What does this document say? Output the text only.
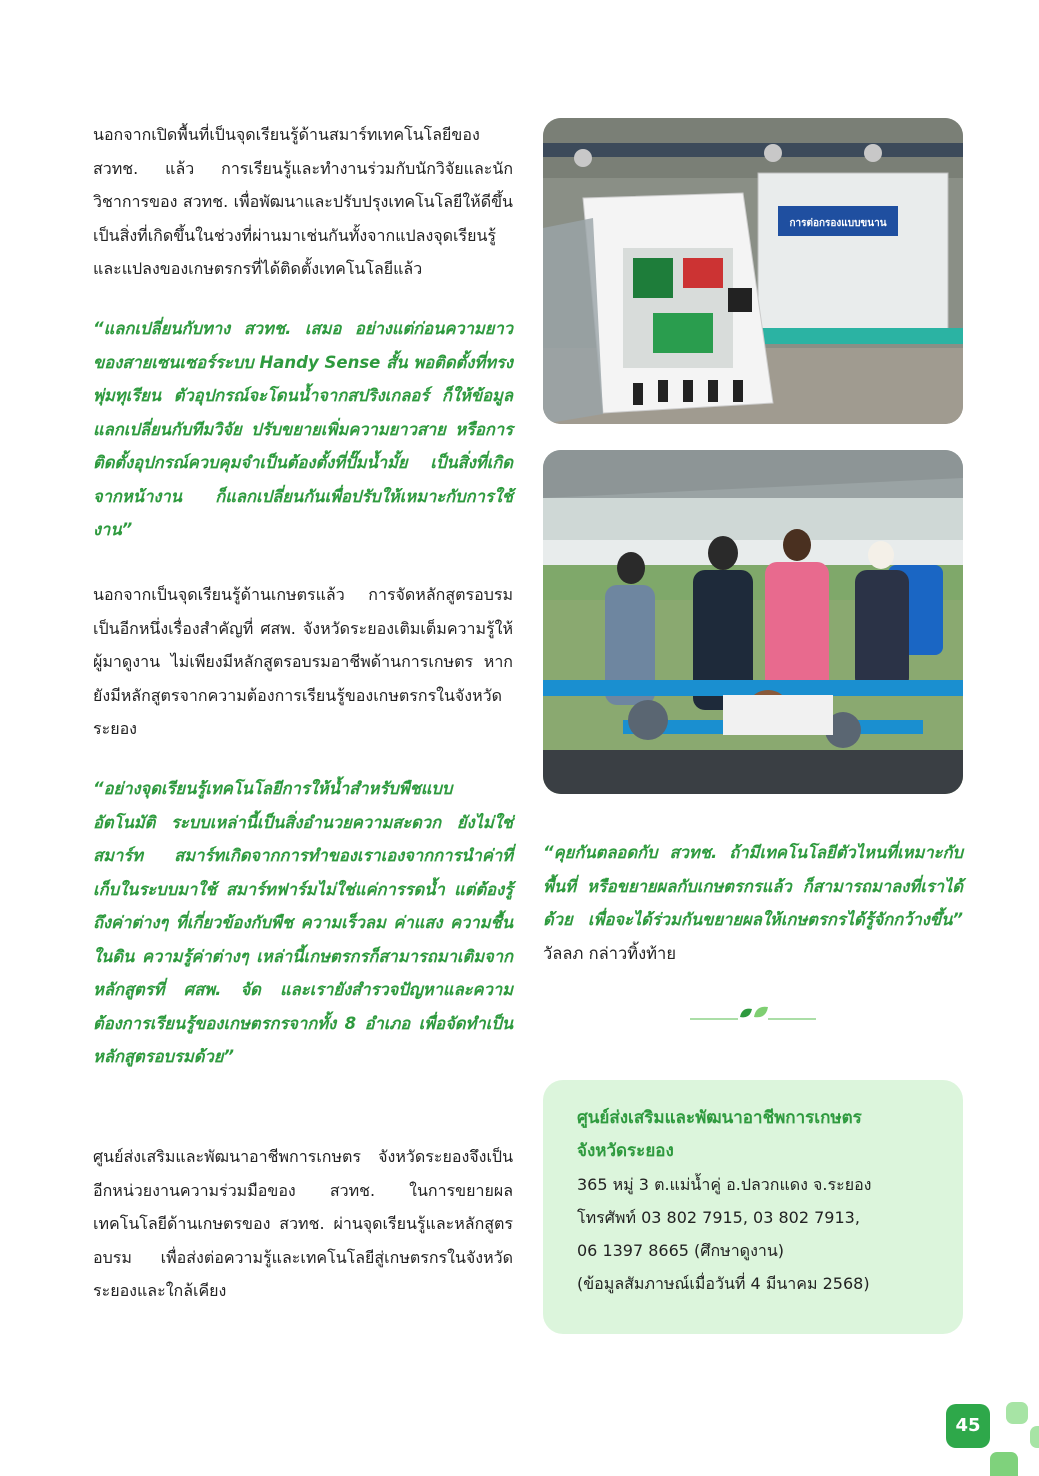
นอกจากเปิดพื้นที่เป็นจุดเรียนรู้ด้านสมาร์ทเทคโนโลยีของ สวทช. แล้ว การเรียนรู้และทำงานร่วมกับนักวิจัยและนักวิชาการของ สวทช. เพื่อพัฒนาและปรับปรุงเทคโนโลยีให้ดีขึ้น เป็นสิ่งที่เกิดขึ้นในช่วงที่ผ่านมาเช่นกันทั้งจากแปลงจุดเรียนรู้และแปลงของเกษตรกรที่ได้ติดตั้งเทคโนโลยีแล้ว

“แลกเปลี่ยนกับทาง สวทช. เสมอ อย่างแต่ก่อนความยาวของสายเซนเซอร์ระบบ Handy Sense สั้น พอติดตั้งที่ทรงพุ่มทุเรียน ตัวอุปกรณ์จะโดนน้ำจากสปริงเกลอร์ ก็ให้ข้อมูลแลกเปลี่ยนกับทีมวิจัย ปรับขยายเพิ่มความยาวสาย หรือการติดตั้งอุปกรณ์ควบคุมจำเป็นต้องตั้งที่ปั๊มน้ำมั้ย เป็นสิ่งที่เกิดจากหน้างาน ก็แลกเปลี่ยนกันเพื่อปรับให้เหมาะกับการใช้งาน”

นอกจากเป็นจุดเรียนรู้ด้านเกษตรแล้ว การจัดหลักสูตรอบรมเป็นอีกหนึ่งเรื่องสำคัญที่ ศสพ. จังหวัดระยองเติมเต็มความรู้ให้ผู้มาดูงาน ไม่เพียงมีหลักสูตรอบรมอาชีพด้านการเกษตร หากยังมีหลักสูตรจากความต้องการเรียนรู้ของเกษตรกรในจังหวัดระยอง

“อย่างจุดเรียนรู้เทคโนโลยีการให้น้ำสำหรับพืชแบบอัตโนมัติ ระบบเหล่านี้เป็นสิ่งอำนวยความสะดวก ยังไม่ใช่สมาร์ท สมาร์ทเกิดจากการทำของเราเองจากการนำค่าที่เก็บในระบบมาใช้ สมาร์ทฟาร์มไม่ใช่แค่การรดน้ำ แต่ต้องรู้ถึงค่าต่างๆ ที่เกี่ยวข้องกับพืช ความเร็วลม ค่าแสง ความชื้นในดิน ความรู้ค่าต่างๆ เหล่านี้เกษตรกรก็สามารถมาเติมจากหลักสูตรที่ ศสพ. จัด และเรายังสำรวจปัญหาและความต้องการเรียนรู้ของเกษตรกรจากทั้ง 8 อำเภอ เพื่อจัดทำเป็นหลักสูตรอบรมด้วย”

ศูนย์ส่งเสริมและพัฒนาอาชีพการเกษตร จังหวัดระยองจึงเป็นอีกหน่วยงานความร่วมมือของ สวทช. ในการขยายผลเทคโนโลยีด้านเกษตรของ สวทช. ผ่านจุดเรียนรู้และหลักสูตรอบรม เพื่อส่งต่อความรู้และเทคโนโลยีสู่เกษตรกรในจังหวัดระยองและใกล้เคียง

การต่อกรองแบบขนาน

“คุยกันตลอดกับ สวทช. ถ้ามีเทคโนโลยีตัวไหนที่เหมาะกับพื้นที่ หรือขยายผลกับเกษตรกรแล้ว ก็สามารถมาลงที่เราได้ด้วย เพื่อจะได้ร่วมกันขยายผลให้เกษตรกรได้รู้จักกว้างขึ้น” วัลลภ กล่าวทิ้งท้าย

ศูนย์ส่งเสริมและพัฒนาอาชีพการเกษตร

จังหวัดระยอง

365 หมู่ 3 ต.แม่น้ำคู่ อ.ปลวกแดง จ.ระยอง

โทรศัพท์ 03 802 7915, 03 802 7913,

06 1397 8665 (ศึกษาดูงาน)

(ข้อมูลสัมภาษณ์เมื่อวันที่ 4 มีนาคม 2568)

45
